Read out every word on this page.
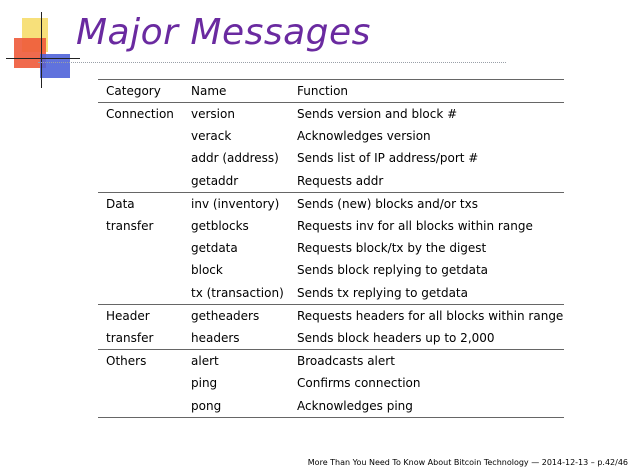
Major Messages
Category	Name	Function
Connection	version	Sends version and block #
	verack	Acknowledges version
	addr (address)	Sends list of IP address/port #
	getaddr	Requests addr
Data	inv (inventory)	Sends (new) blocks and/or txs
transfer	getblocks	Requests inv for all blocks within range
	getdata	Requests block/tx by the digest
	block	Sends block replying to getdata
	tx (transaction)	Sends tx replying to getdata
Header	getheaders	Requests headers for all blocks within range
transfer	headers	Sends block headers up to 2,000
Others	alert	Broadcasts alert
	ping	Confirms connection
	pong	Acknowledges ping
More Than You Need To Know About Bitcoin Technology — 2014-12-13 – p.42/46
